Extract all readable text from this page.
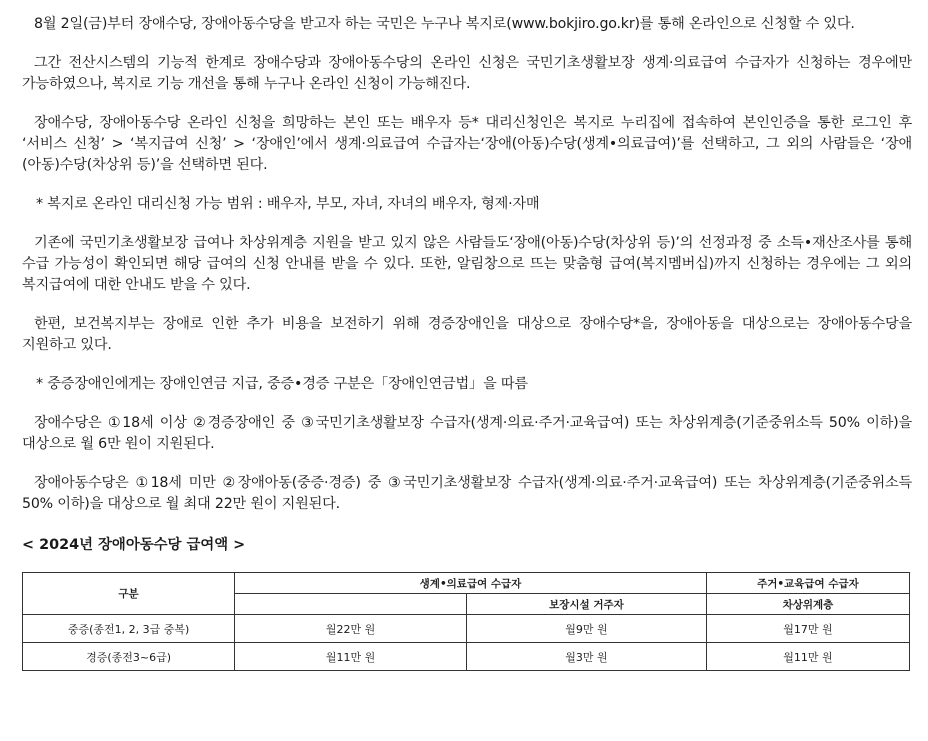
8월 2일(금)부터 장애수당, 장애아동수당을 받고자 하는 국민은 누구나 복지로(www.bokjiro.go.kr)를 통해 온라인으로 신청할 수 있다.

그간 전산시스템의 기능적 한계로 장애수당과 장애아동수당의 온라인 신청은 국민기초생활보장 생계·의료급여 수급자가 신청하는 경우에만 가능하였으나, 복지로 기능 개선을 통해 누구나 온라인 신청이 가능해진다.

장애수당, 장애아동수당 온라인 신청을 희망하는 본인 또는 배우자 등* 대리신청인은 복지로 누리집에 접속하여 본인인증을 통한 로그인 후 ‘서비스 신청’ > ‘복지급여 신청’ > ‘장애인’에서 생계·의료급여 수급자는‘장애(아동)수당(생계•의료급여)’를 선택하고, 그 외의 사람들은 ‘장애(아동)수당(차상위 등)’을 선택하면 된다.

* 복지로 온라인 대리신청 가능 범위 : 배우자, 부모, 자녀, 자녀의 배우자, 형제·자매

기존에 국민기초생활보장 급여나 차상위계층 지원을 받고 있지 않은 사람들도‘장애(아동)수당(차상위 등)’의 선정과정 중 소득•재산조사를 통해 수급 가능성이 확인되면 해당 급여의 신청 안내를 받을 수 있다. 또한, 알림창으로 뜨는 맞춤형 급여(복지멤버십)까지 신청하는 경우에는 그 외의 복지급여에 대한 안내도 받을 수 있다.

한편, 보건복지부는 장애로 인한 추가 비용을 보전하기 위해 경증장애인을 대상으로 장애수당*을, 장애아동을 대상으로는 장애아동수당을 지원하고 있다.

* 중증장애인에게는 장애인연금 지급, 중증•경증 구분은「장애인연금법」을 따름

장애수당은 ①18세 이상 ②경증장애인 중 ③국민기초생활보장 수급자(생계·의료·주거·교육급여) 또는 차상위계층(기준중위소득 50% 이하)을 대상으로 월 6만 원이 지원된다.

장애아동수당은 ①18세 미만 ②장애아동(중증·경증) 중 ③국민기초생활보장 수급자(생계·의료·주거·교육급여) 또는 차상위계층(기준중위소득 50% 이하)을 대상으로 월 최대 22만 원이 지원된다.

< 2024년 장애아동수당 급여액 >
구분	생계•의료급여 수급자		주거•교육급여 수급자
		보장시설 거주자	차상위계층
중증(종전1, 2, 3급 중복)	월22만 원	월9만 원	월17만 원
경증(종전3~6급)	월11만 원	월3만 원	월11만 원
